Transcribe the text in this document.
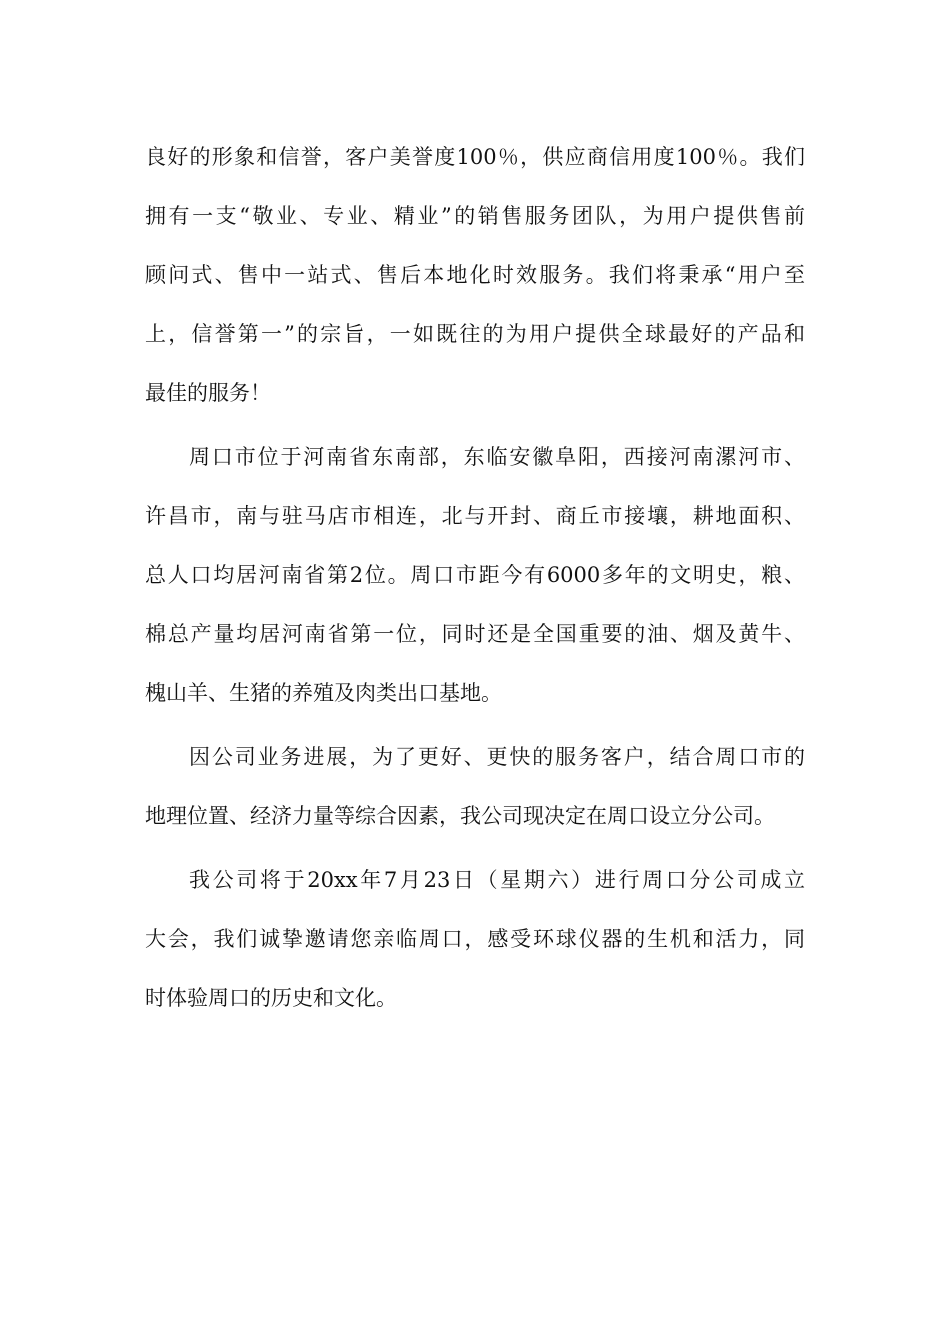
良好的形象和信誉，客户美誉度100％，供应商信用度100％。我们
拥有一支“敬业、专业、精业”的销售服务团队，为用户提供售前
顾问式、售中一站式、售后本地化时效服务。我们将秉承“用户至
上，信誉第一”的宗旨，一如既往的为用户提供全球最好的产品和
最佳的服务！
周口市位于河南省东南部，东临安徽阜阳，西接河南漯河市、
许昌市，南与驻马店市相连，北与开封、商丘市接壤，耕地面积、
总人口均居河南省第2位。周口市距今有6000多年的文明史，粮、
棉总产量均居河南省第一位，同时还是全国重要的油、烟及黄牛、
槐山羊、生猪的养殖及肉类出口基地。
因公司业务进展，为了更好、更快的服务客户，结合周口市的
地理位置、经济力量等综合因素，我公司现决定在周口设立分公司。
我公司将于20xx年7月23日（星期六）进行周口分公司成立
大会，我们诚挚邀请您亲临周口，感受环球仪器的生机和活力，同
时体验周口的历史和文化。
